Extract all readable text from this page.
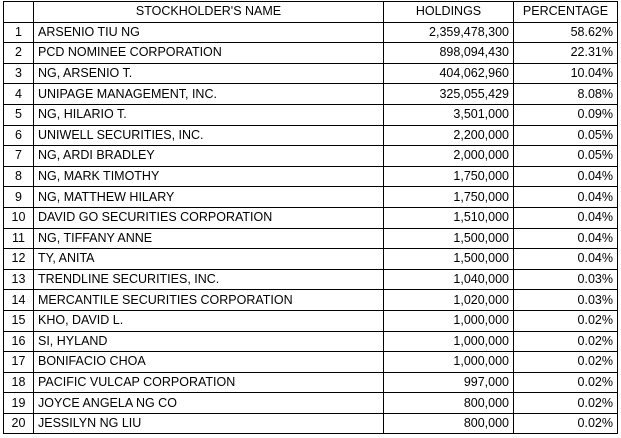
	STOCKHOLDER'S NAME	HOLDINGS	PERCENTAGE
1	ARSENIO TIU NG	2,359,478,300	58.62%
2	PCD NOMINEE CORPORATION	898,094,430	22.31%
3	NG, ARSENIO T.	404,062,960	10.04%
4	UNIPAGE MANAGEMENT, INC.	325,055,429	8.08%
5	NG, HILARIO T.	3,501,000	0.09%
6	UNIWELL SECURITIES, INC.	2,200,000	0.05%
7	NG, ARDI BRADLEY	2,000,000	0.05%
8	NG, MARK TIMOTHY	1,750,000	0.04%
9	NG, MATTHEW HILARY	1,750,000	0.04%
10	DAVID GO SECURITIES CORPORATION	1,510,000	0.04%
11	NG, TIFFANY ANNE	1,500,000	0.04%
12	TY, ANITA	1,500,000	0.04%
13	TRENDLINE SECURITIES, INC.	1,040,000	0.03%
14	MERCANTILE SECURITIES CORPORATION	1,020,000	0.03%
15	KHO, DAVID L.	1,000,000	0.02%
16	SI, HYLAND	1,000,000	0.02%
17	BONIFACIO CHOA	1,000,000	0.02%
18	PACIFIC VULCAP CORPORATION	997,000	0.02%
19	JOYCE ANGELA NG CO	800,000	0.02%
20	JESSILYN NG LIU	800,000	0.02%
